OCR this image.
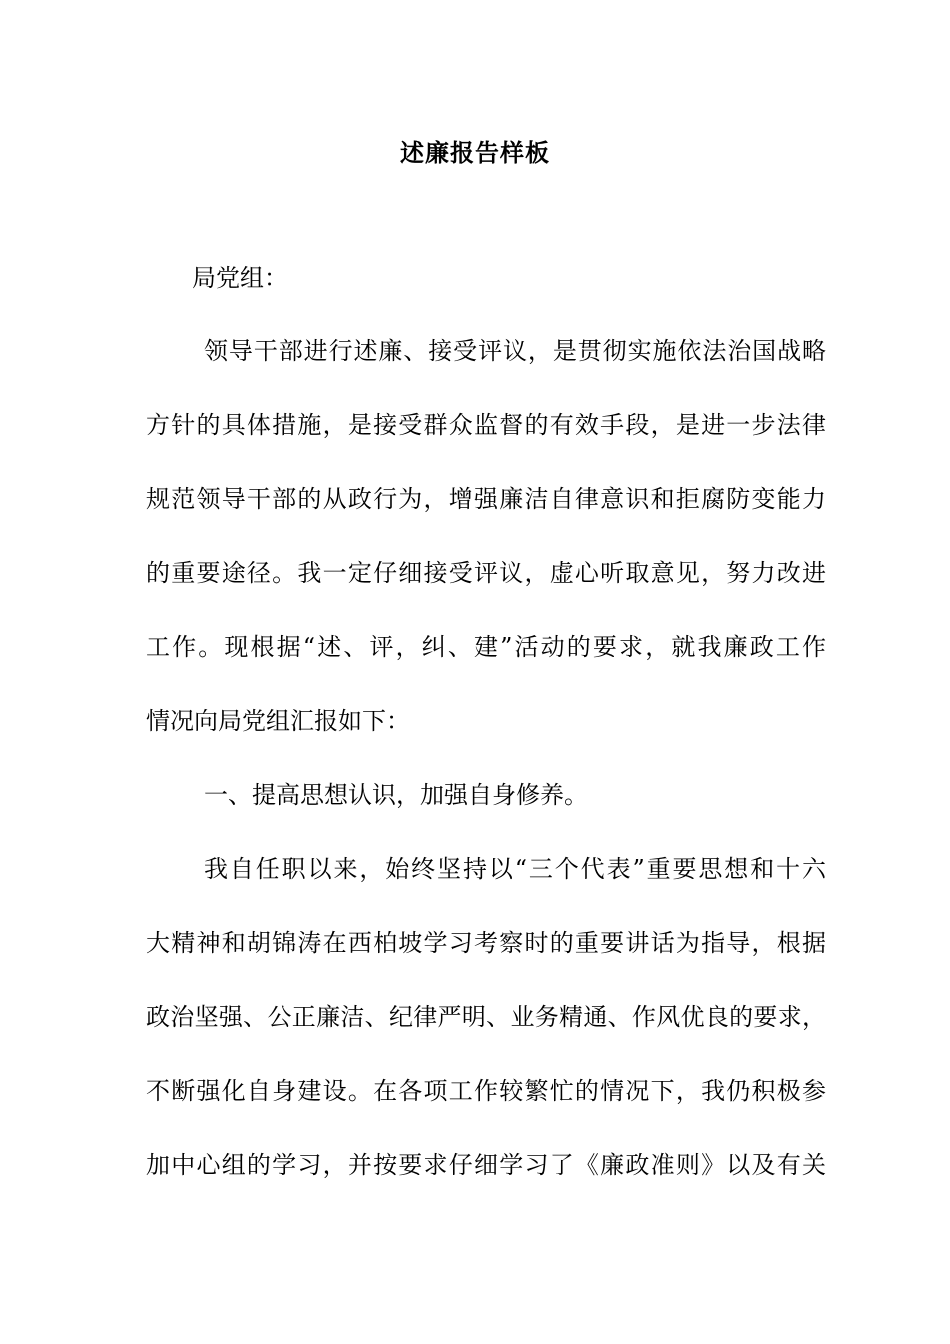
述廉报告样板
局党组：
领导干部进行述廉、接受评议，是贯彻实施依法治国战略
方针的具体措施，是接受群众监督的有效手段，是进一步法律
规范领导干部的从政行为，增强廉洁自律意识和拒腐防变能力
的重要途径。我一定仔细接受评议，虚心听取意见，努力改进
工作。现根据“述、评，纠、建”活动的要求，就我廉政工作
情况向局党组汇报如下：
一、提高思想认识，加强自身修养。
我自任职以来，始终坚持以“三个代表”重要思想和十六
大精神和胡锦涛在西柏坡学习考察时的重要讲话为指导，根据
政治坚强、公正廉洁、纪律严明、业务精通、作风优良的要求，
不断强化自身建设。在各项工作较繁忙的情况下，我仍积极参
加中心组的学习，并按要求仔细学习了《廉政准则》以及有关
